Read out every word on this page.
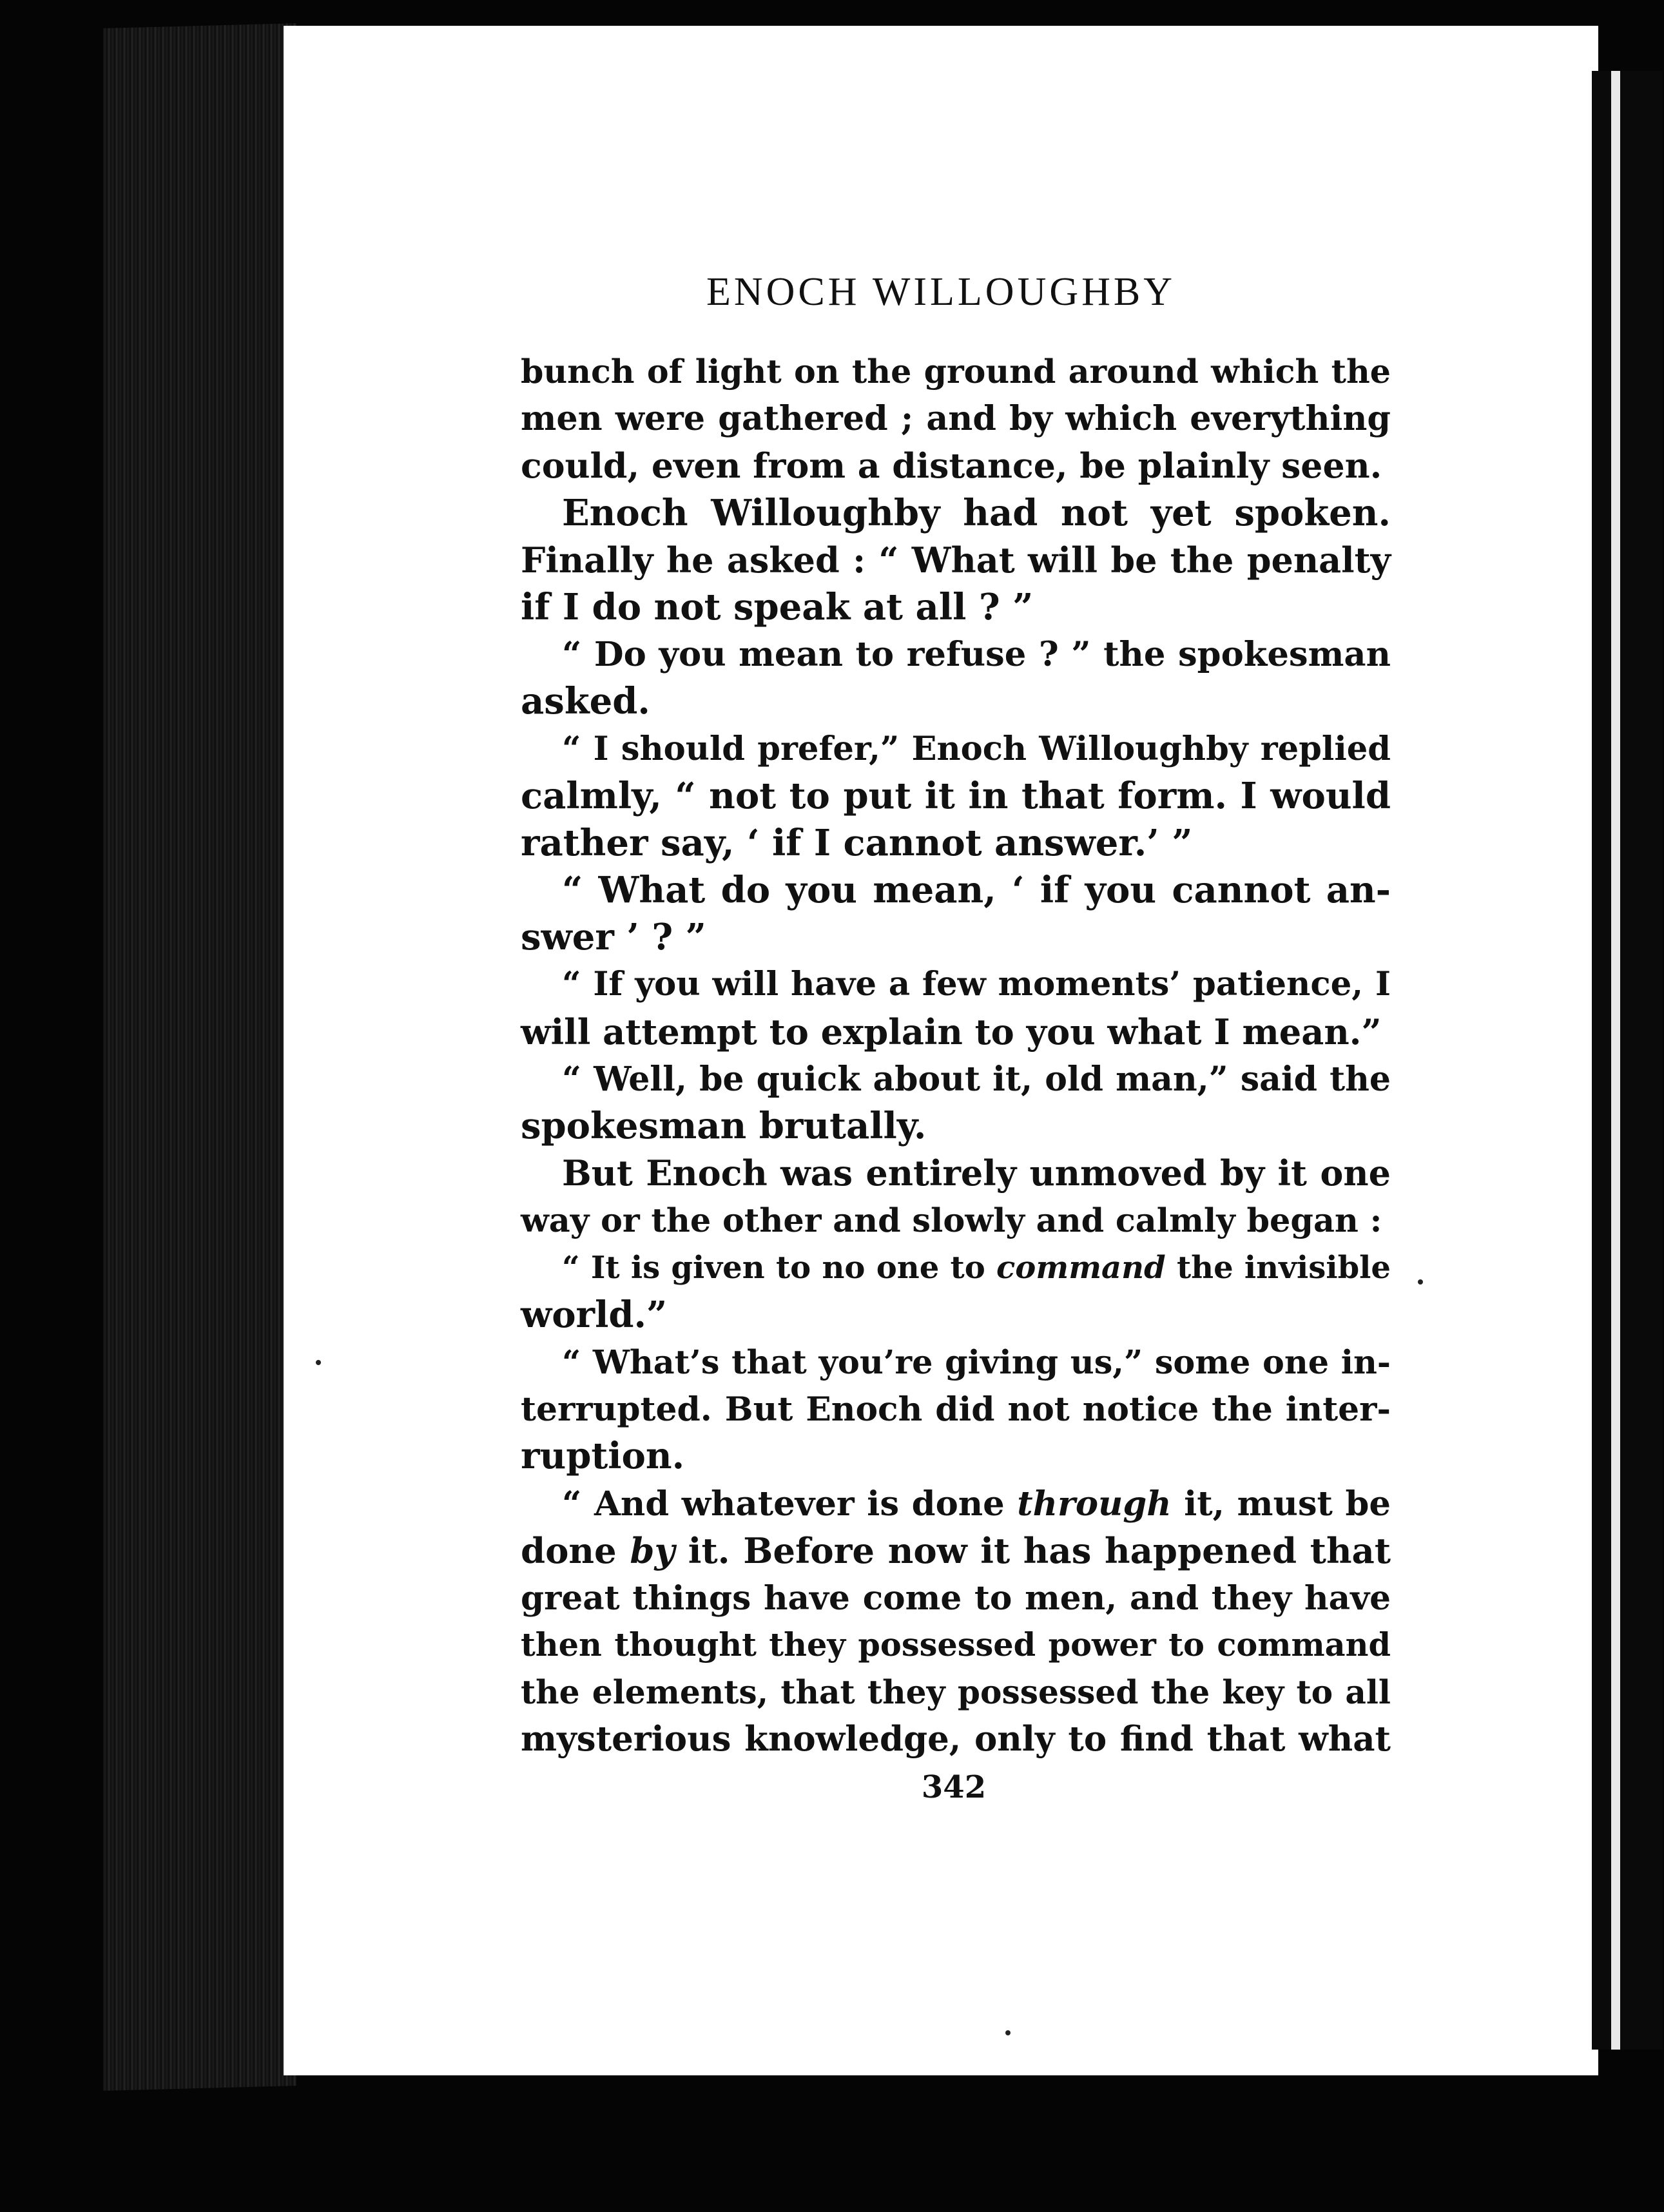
ENOCH WILLOUGHBY
bunch of light on the ground around which the
men were gathered ; and by which everything
could, even from a distance, be plainly seen.
Enoch Willoughby had not yet spoken.
Finally he asked : “ What will be the penalty
if I do not speak at all ? ”
“ Do you mean to refuse ? ” the spokesman
asked.
“ I should prefer,” Enoch Willoughby replied
calmly, “ not to put it in that form. I would
rather say, ‘ if I cannot answer.’ ”
“ What do you mean, ‘ if you cannot an-
swer ’ ? ”
“ If you will have a few moments’ patience, I
will attempt to explain to you what I mean.”
“ Well, be quick about it, old man,” said the
spokesman brutally.
But Enoch was entirely unmoved by it one
way or the other and slowly and calmly began :
“ It is given to no one to command the invisible
world.”
“ What’s that you’re giving us,” some one in-
terrupted. But Enoch did not notice the inter-
ruption.
“ And whatever is done through it, must be
done by it. Before now it has happened that
great things have come to men, and they have
then thought they possessed power to command
the elements, that they possessed the key to all
mysterious knowledge, only to find that what
342
